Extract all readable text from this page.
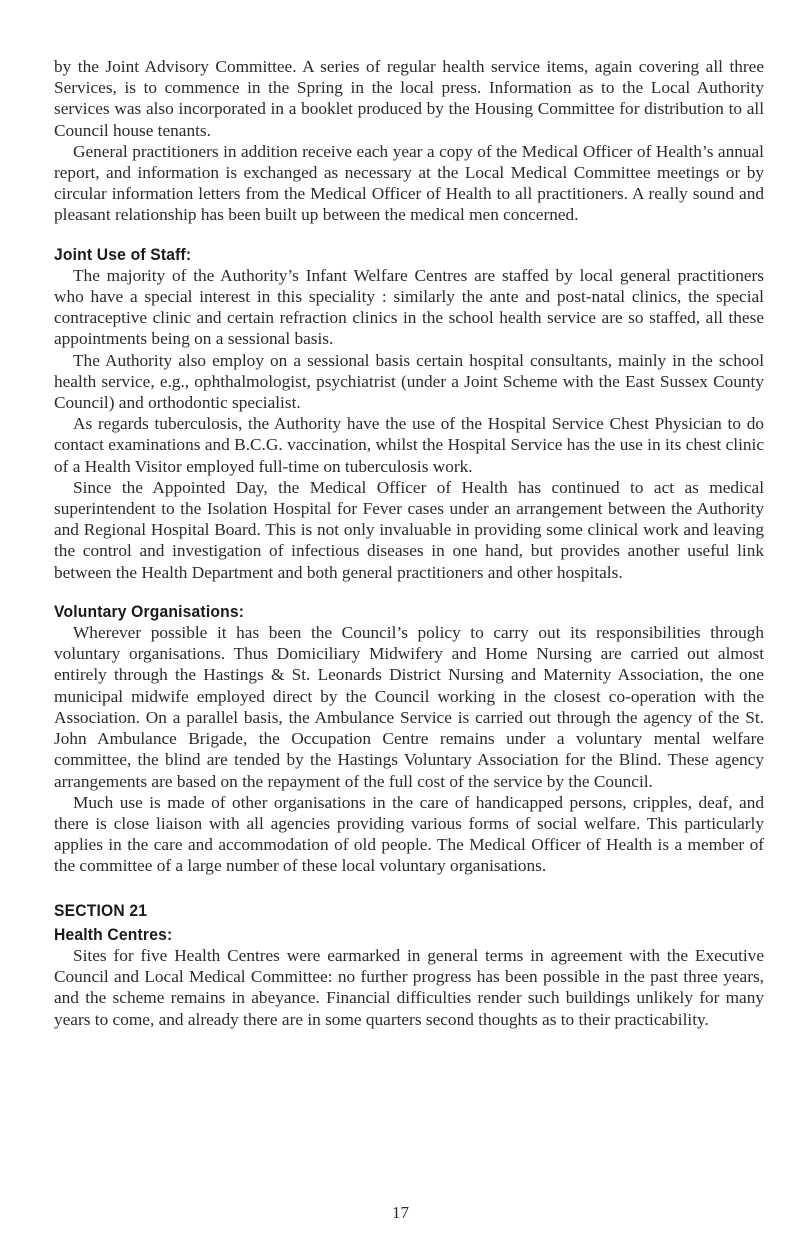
by the Joint Advisory Committee. A series of regular health service items, again covering all three Services, is to commence in the Spring in the local press. Information as to the Local Authority services was also incorporated in a booklet produced by the Housing Committee for distribution to all Council house tenants.

General practitioners in addition receive each year a copy of the Medical Officer of Health’s annual report, and information is exchanged as necessary at the Local Medical Committee meetings or by circular information letters from the Medical Officer of Health to all practitioners. A really sound and pleasant relationship has been built up between the medical men concerned.

Joint Use of Staff:

The majority of the Authority’s Infant Welfare Centres are staffed by local general practitioners who have a special interest in this speciality : similarly the ante and post-natal clinics, the special contraceptive clinic and certain refraction clinics in the school health service are so staffed, all these appointments being on a sessional basis.

The Authority also employ on a sessional basis certain hospital consultants, mainly in the school health service, e.g., ophthalmologist, psychiatrist (under a Joint Scheme with the East Sussex County Council) and orthodontic specialist.

As regards tuberculosis, the Authority have the use of the Hospital Service Chest Physician to do contact examinations and B.C.G. vaccination, whilst the Hospital Service has the use in its chest clinic of a Health Visitor employed full-time on tuberculosis work.

Since the Appointed Day, the Medical Officer of Health has continued to act as medical superintendent to the Isolation Hospital for Fever cases under an arrangement between the Authority and Regional Hospital Board. This is not only invaluable in providing some clinical work and leaving the control and investigation of infectious diseases in one hand, but provides another useful link between the Health Department and both general practitioners and other hospitals.

Voluntary Organisations:

Wherever possible it has been the Council’s policy to carry out its responsibilities through voluntary organisations. Thus Domiciliary Midwifery and Home Nursing are carried out almost entirely through the Hastings & St. Leonards District Nursing and Maternity Association, the one municipal midwife employed direct by the Council working in the closest co-operation with the Association. On a parallel basis, the Ambulance Service is carried out through the agency of the St. John Ambulance Brigade, the Occupation Centre remains under a voluntary mental welfare committee, the blind are tended by the Hastings Voluntary Association for the Blind. These agency arrangements are based on the repayment of the full cost of the service by the Council.

Much use is made of other organisations in the care of handicapped persons, cripples, deaf, and there is close liaison with all agencies providing various forms of social welfare. This particularly applies in the care and accommodation of old people. The Medical Officer of Health is a member of the committee of a large number of these local voluntary organisations.

SECTION 21
Health Centres:

Sites for five Health Centres were earmarked in general terms in agreement with the Executive Council and Local Medical Committee: no further progress has been possible in the past three years, and the scheme remains in abeyance. Financial difficulties render such buildings unlikely for many years to come, and already there are in some quarters second thoughts as to their practicability.

17
